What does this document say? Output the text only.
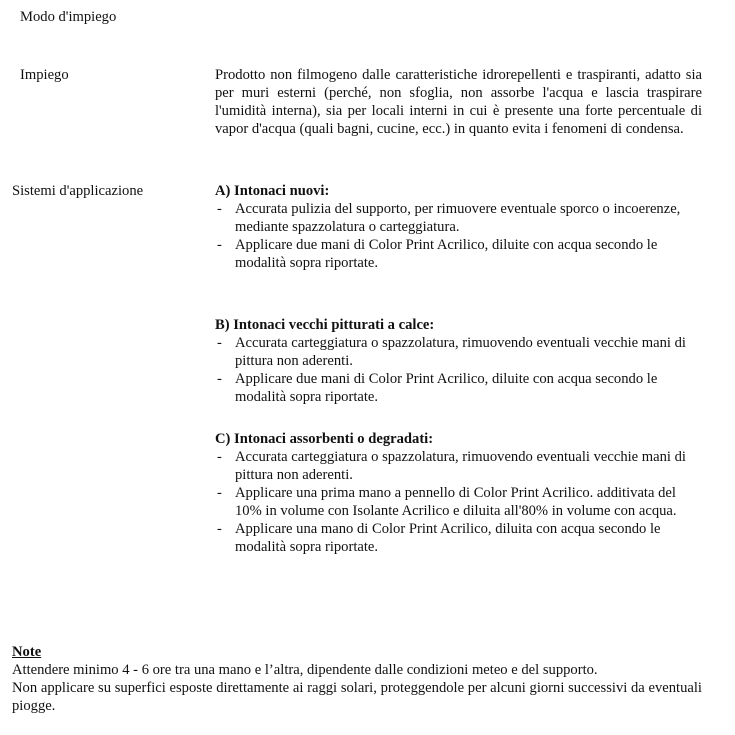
Modo d'impiego
Impiego	Prodotto non filmogeno dalle caratteristiche idrorepellenti e traspiranti, adatto sia per muri esterni (perché, non sfoglia, non assorbe l'acqua e lascia traspirare l'umidità interna), sia per locali interni in cui è presente una forte percentuale di vapor d'acqua (quali bagni, cucine, ecc.) in quanto evita i fenomeni di condensa.
Sistemi d'applicazione	A) Intonaci nuovi:
- Accurata pulizia del supporto, per rimuovere eventuale sporco o incoerenze, mediante spazzolatura o carteggiatura.
- Applicare due mani di Color Print Acrilico, diluite con acqua secondo le modalità sopra riportate.
B) Intonaci vecchi pitturati a calce:
- Accurata carteggiatura o spazzolatura, rimuovendo eventuali vecchie mani di pittura non aderenti.
- Applicare due mani di Color Print Acrilico, diluite con acqua secondo le modalità sopra riportate.
C) Intonaci assorbenti o degradati:
- Accurata carteggiatura o spazzolatura, rimuovendo eventuali vecchie mani di pittura non aderenti.
- Applicare una prima mano a pennello di Color Print Acrilico. additivata del 10% in volume con Isolante Acrilico e diluita all'80% in volume con acqua.
- Applicare una mano di Color Print Acrilico, diluita con acqua secondo le modalità sopra riportate.
Note
Attendere minimo 4 - 6 ore tra una mano e l’altra, dipendente dalle condizioni meteo e del supporto.
Non applicare su superfici esposte direttamente ai raggi solari, proteggendole per alcuni giorni successivi da eventuali piogge.
